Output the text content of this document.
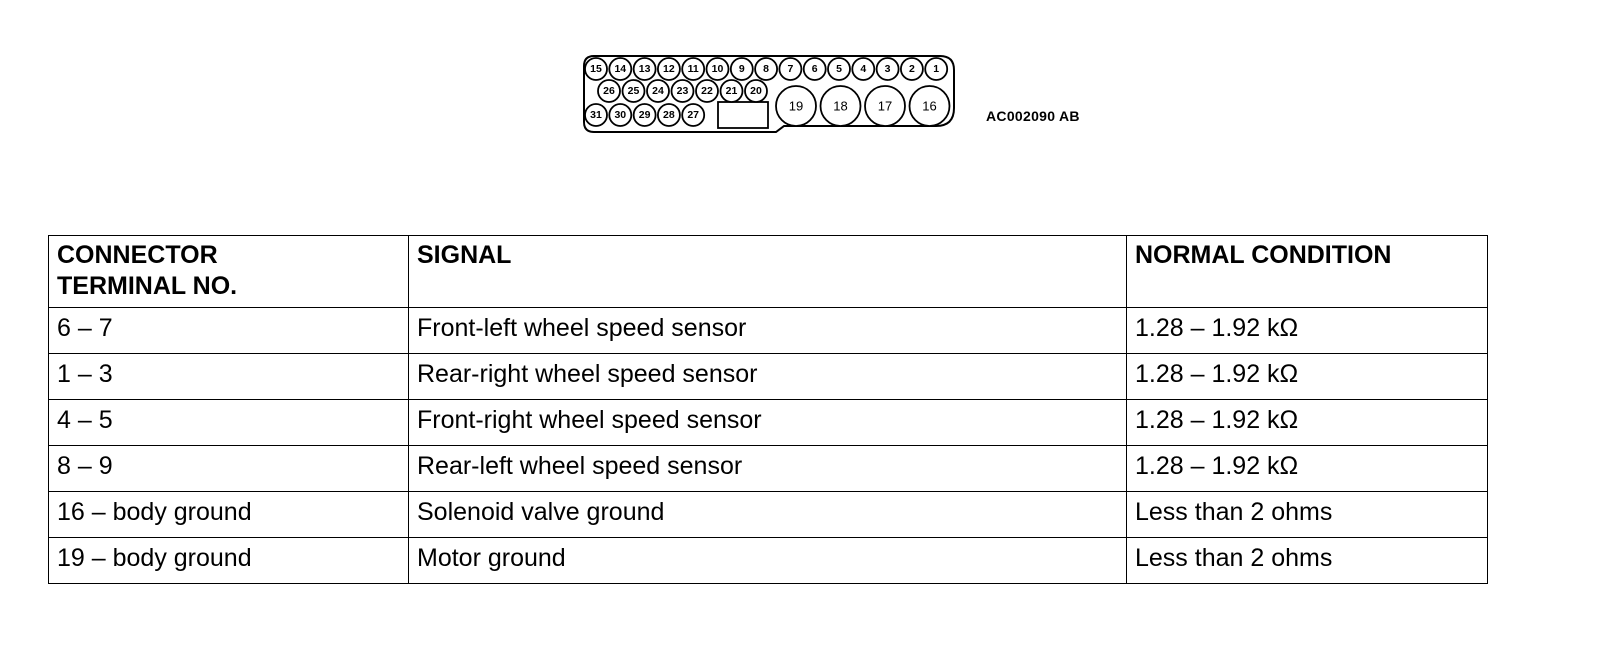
15 14 13 12 11 10 9 8 7 6 5 4 3 2 1
26 25 24 23 22 21 20
31 30 29 28 27
19 18 17 16
AC002090 AB
CONNECTOR
TERMINAL NO.	SIGNAL	NORMAL CONDITION
6 – 7	Front-left wheel speed sensor	1.28 – 1.92 kΩ
1 – 3	Rear-right wheel speed sensor	1.28 – 1.92 kΩ
4 – 5	Front-right wheel speed sensor	1.28 – 1.92 kΩ
8 – 9	Rear-left wheel speed sensor	1.28 – 1.92 kΩ
16 – body ground	Solenoid valve ground	Less than 2 ohms
19 – body ground	Motor ground	Less than 2 ohms
